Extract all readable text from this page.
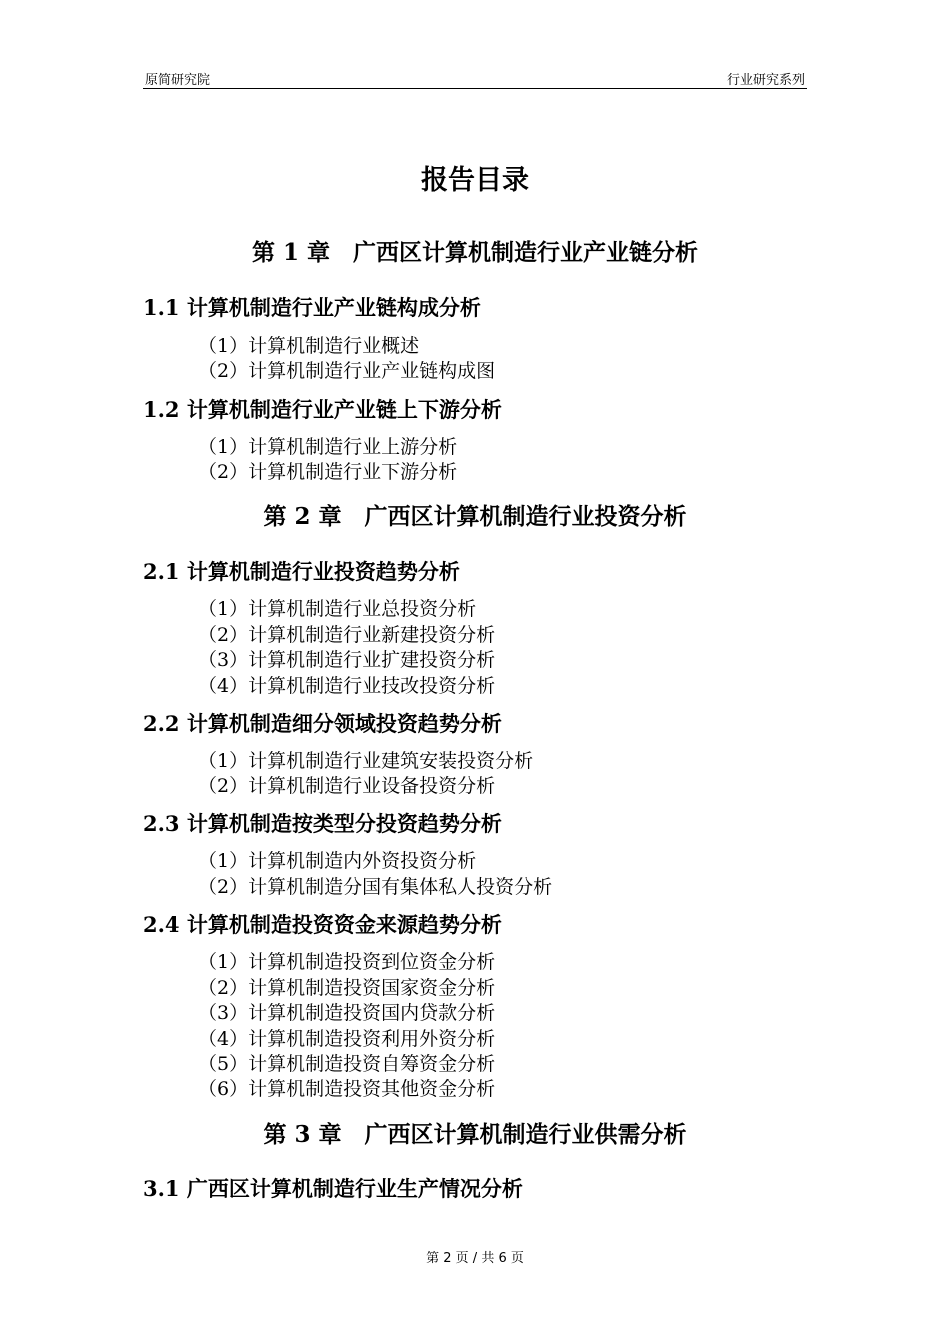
原简研究院	行业研究系列
报告目录
第 1 章　广西区计算机制造行业产业链分析
1.1 计算机制造行业产业链构成分析
（1）计算机制造行业概述
（2）计算机制造行业产业链构成图
1.2 计算机制造行业产业链上下游分析
（1）计算机制造行业上游分析
（2）计算机制造行业下游分析
第 2 章　广西区计算机制造行业投资分析
2.1 计算机制造行业投资趋势分析
（1）计算机制造行业总投资分析
（2）计算机制造行业新建投资分析
（3）计算机制造行业扩建投资分析
（4）计算机制造行业技改投资分析
2.2 计算机制造细分领域投资趋势分析
（1）计算机制造行业建筑安装投资分析
（2）计算机制造行业设备投资分析
2.3 计算机制造按类型分投资趋势分析
（1）计算机制造内外资投资分析
（2）计算机制造分国有集体私人投资分析
2.4 计算机制造投资资金来源趋势分析
（1）计算机制造投资到位资金分析
（2）计算机制造投资国家资金分析
（3）计算机制造投资国内贷款分析
（4）计算机制造投资利用外资分析
（5）计算机制造投资自筹资金分析
（6）计算机制造投资其他资金分析
第 3 章　广西区计算机制造行业供需分析
3.1 广西区计算机制造行业生产情况分析
第 2 页 / 共 6 页
